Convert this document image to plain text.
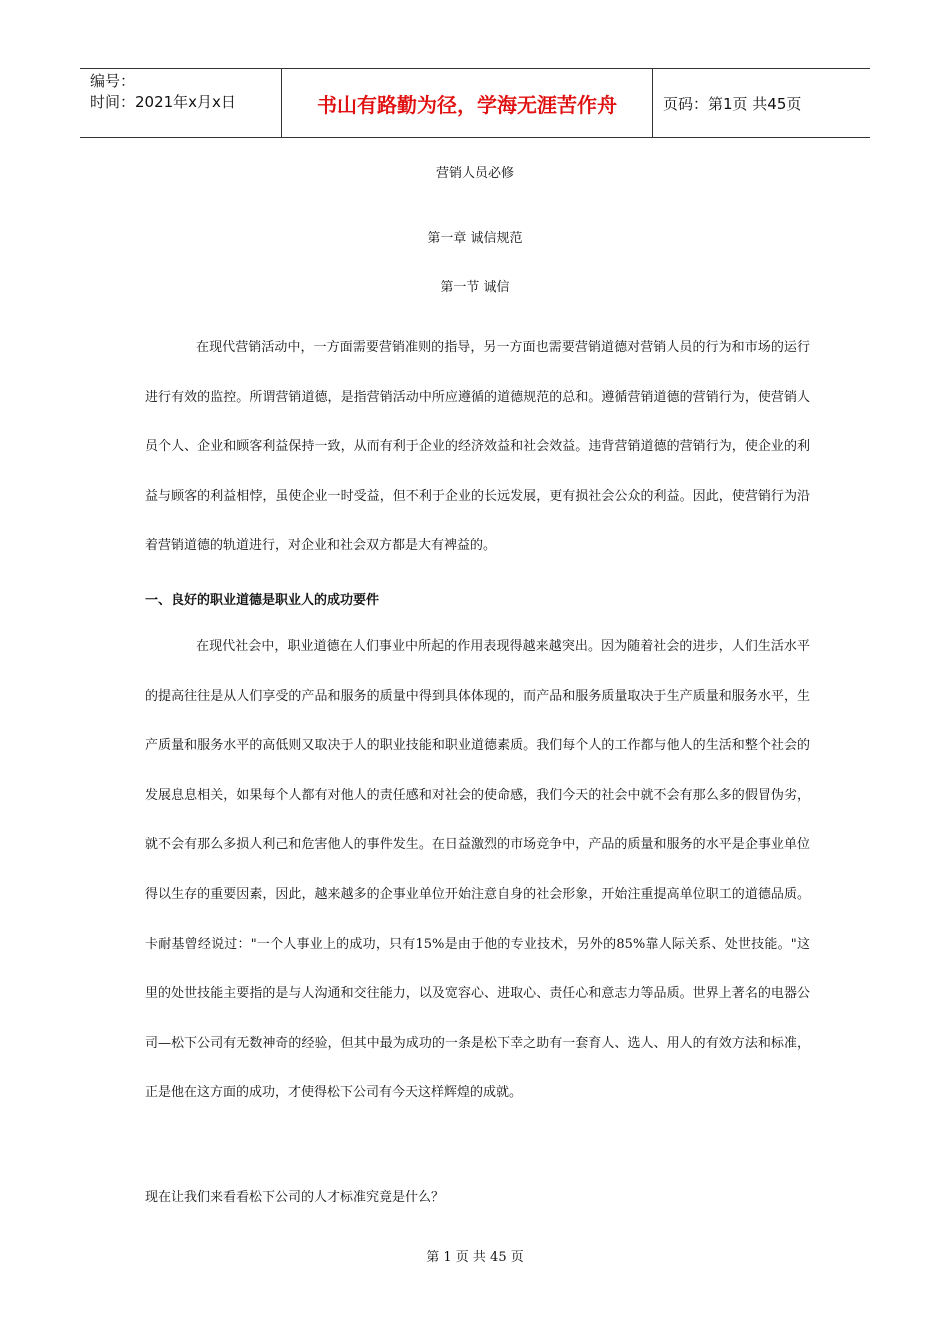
编号：
时间：2021年x月x日	书山有路勤为径，学海无涯苦作舟	页码：第1页 共45页
营销人员必修
第一章 诚信规范
第一节 诚信

在现代营销活动中，一方面需要营销准则的指导，另一方面也需要营销道德对营销人员的行为和市场的运行进行有效的监控。所谓营销道德，是指营销活动中所应遵循的道德规范的总和。遵循营销道德的营销行为，使营销人员个人、企业和顾客利益保持一致，从而有利于企业的经济效益和社会效益。违背营销道德的营销行为，使企业的利益与顾客的利益相悖，虽使企业一时受益，但不利于企业的长远发展，更有损社会公众的利益。因此，使营销行为沿着营销道德的轨道进行，对企业和社会双方都是大有裨益的。

一、良好的职业道德是职业人的成功要件

在现代社会中，职业道德在人们事业中所起的作用表现得越来越突出。因为随着社会的进步，人们生活水平的提高往往是从人们享受的产品和服务的质量中得到具体体现的，而产品和服务质量取决于生产质量和服务水平，生产质量和服务水平的高低则又取决于人的职业技能和职业道德素质。我们每个人的工作都与他人的生活和整个社会的发展息息相关，如果每个人都有对他人的责任感和对社会的使命感，我们今天的社会中就不会有那么多的假冒伪劣，就不会有那么多损人利己和危害他人的事件发生。在日益激烈的市场竞争中，产品的质量和服务的水平是企事业单位得以生存的重要因素，因此，越来越多的企事业单位开始注意自身的社会形象，开始注重提高单位职工的道德品质。卡耐基曾经说过："一个人事业上的成功，只有15%是由于他的专业技术，另外的85%靠人际关系、处世技能。"这里的处世技能主要指的是与人沟通和交往能力，以及宽容心、进取心、责任心和意志力等品质。世界上著名的电器公司—松下公司有无数神奇的经验，但其中最为成功的一条是松下幸之助有一套育人、选人、用人的有效方法和标准，正是他在这方面的成功，才使得松下公司有今天这样辉煌的成就。

现在让我们来看看松下公司的人才标准究竟是什么？
第 1 页 共 45 页
